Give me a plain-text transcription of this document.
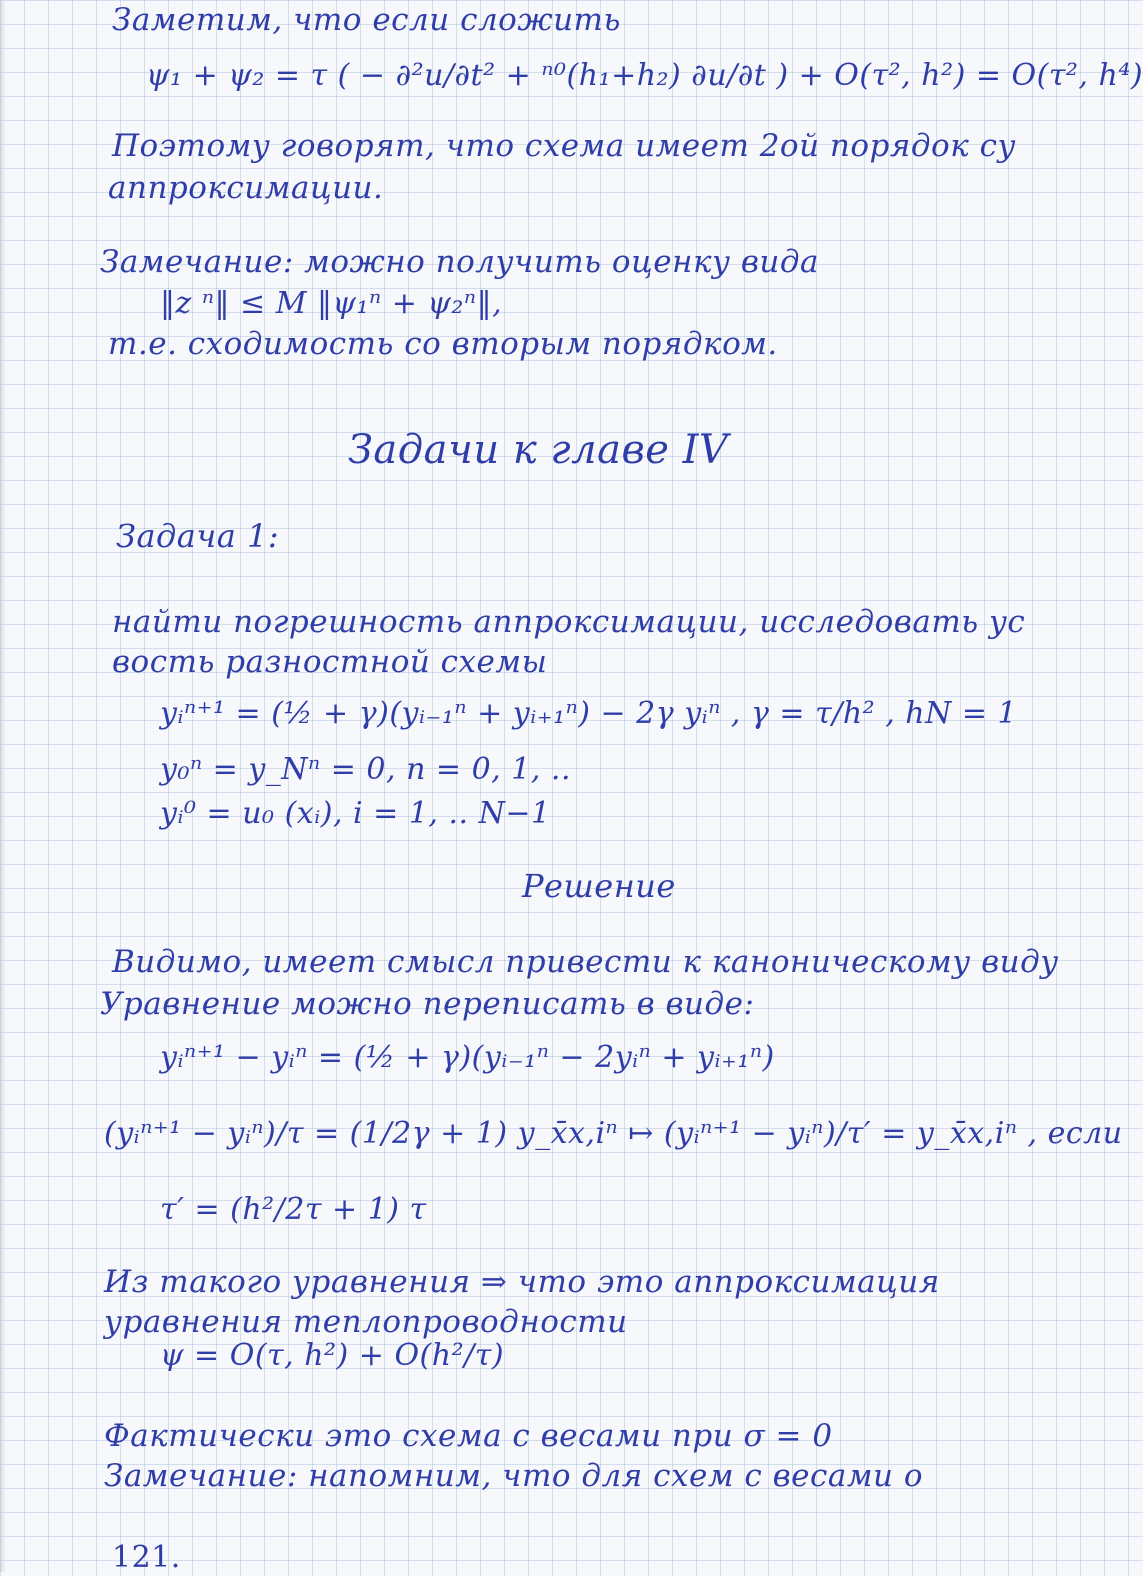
Заметим, что если сложить
ψ₁ + ψ₂ = τ ( − ∂²u/∂t² + ⁿ⁰(h₁+h₂) ∂u/∂t ) + O(τ², h²) = O(τ², h⁴)
Поэтому говорят, что схема имеет 2ой порядок су
аппроксимации.
Замечание: можно получить оценку вида
‖z ⁿ‖ ≤ M ‖ψ₁ⁿ + ψ₂ⁿ‖,
т.е. сходимость со вторым порядком.
Задачи к главе IV
Задача 1:
найти погрешность аппроксимации, исследовать ус
вость разностной схемы
yᵢⁿ⁺¹ = (½ + γ)(yᵢ₋₁ⁿ + yᵢ₊₁ⁿ) − 2γ yᵢⁿ , γ = τ/h² , hN = 1
y₀ⁿ = y_Nⁿ = 0, n = 0, 1, ..
yᵢ⁰ = u₀ (xᵢ), i = 1, .. N−1
Решение
Видимо, имеет смысл привести к каноническому виду
Уравнение можно переписать в виде:
yᵢⁿ⁺¹ − yᵢⁿ = (½ + γ)(yᵢ₋₁ⁿ − 2yᵢⁿ + yᵢ₊₁ⁿ)
(yᵢⁿ⁺¹ − yᵢⁿ)/τ = (1/2γ + 1) y_x̄x,iⁿ ↦ (yᵢⁿ⁺¹ − yᵢⁿ)/τ′ = y_x̄x,iⁿ , если
τ′ = (h²/2τ + 1) τ
Из такого уравнения ⇒ что это аппроксимация
уравнения теплопроводности
ψ = O(τ, h²) + O(h²/τ)
Фактически это схема с весами при σ = 0
Замечание: напомним, что для схем с весами о
121.
